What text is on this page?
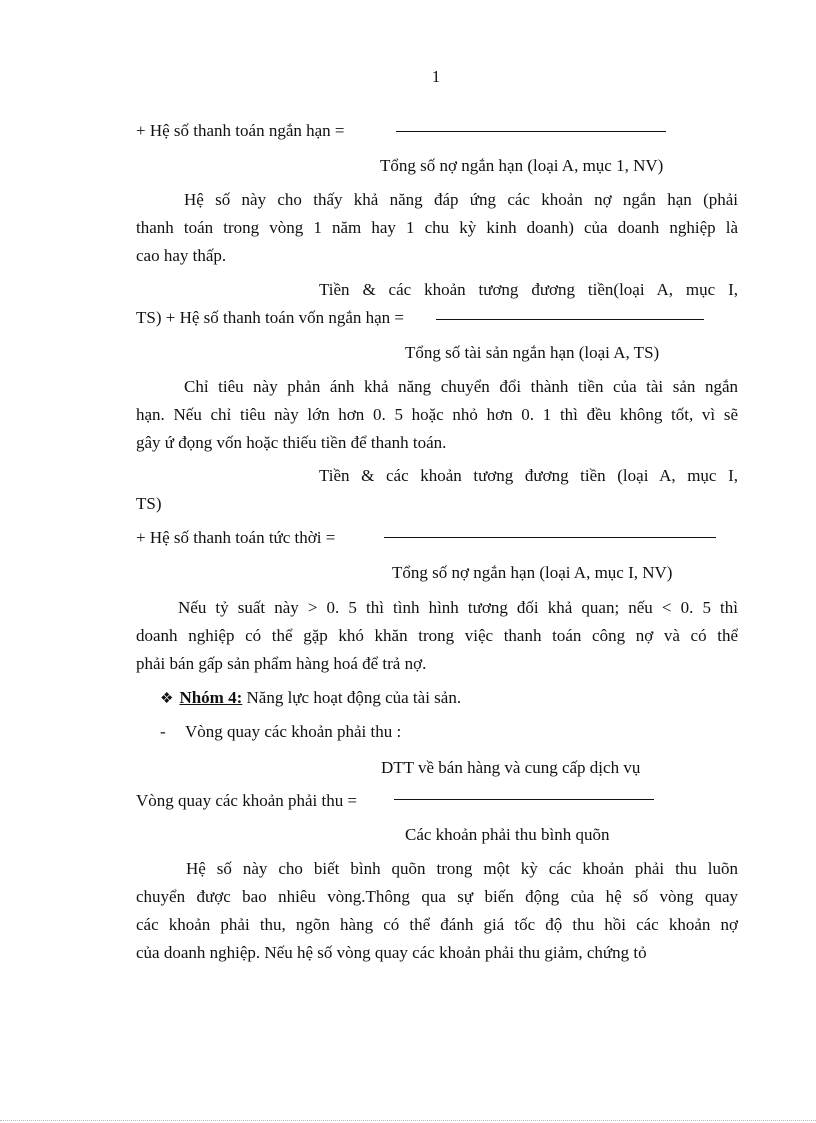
1
+ Hệ số thanh toán ngắn hạn =
Tổng số nợ ngắn hạn (loại A, mục 1, NV)
Hệ số này cho thấy khả năng đáp ứng các khoản nợ ngắn hạn (phải
thanh toán trong vòng 1 năm hay 1 chu kỳ kinh doanh) của doanh nghiệp là
cao hay thấp.
Tiền & các khoản tương đương tiền(loại A, mục I,
TS) + Hệ số thanh toán vốn ngắn hạn =
Tổng số tài sản ngắn hạn (loại A, TS)
Chỉ tiêu này phản ánh khả năng chuyển đổi thành tiền của tài sản ngắn
hạn. Nếu chỉ tiêu này lớn hơn 0. 5 hoặc nhỏ hơn 0. 1 thì đều không tốt, vì sẽ
gây ứ đọng vốn hoặc thiếu tiền để thanh toán.
Tiền & các khoản tương đương tiền (loại A, mục I,
TS)
+ Hệ số thanh toán tức thời =
Tổng số nợ ngắn hạn (loại A, mục I, NV)
Nếu tỷ suất này > 0. 5 thì tình hình tương đối khả quan; nếu < 0. 5 thì
doanh nghiệp có thể gặp khó khăn trong việc thanh toán công nợ và có thể
phải bán gấp sản phẩm hàng hoá để trả nợ.
❖ Nhóm 4: Năng lực hoạt động của tài sản.
- Vòng quay các khoản phải thu :
DTT về bán hàng và cung cấp dịch vụ
Vòng quay các khoản phải thu =
Các khoản phải thu bình quõn
Hệ số này cho biết bình quõn trong một kỳ các khoản phải thu luõn
chuyển được bao nhiêu vòng.Thông qua sự biến động của hệ số vòng quay
các khoản phải thu, ngõn hàng có thể đánh giá tốc độ thu hồi các khoản nợ
của doanh nghiệp. Nếu hệ số vòng quay các khoản phải thu giảm, chứng tỏ
